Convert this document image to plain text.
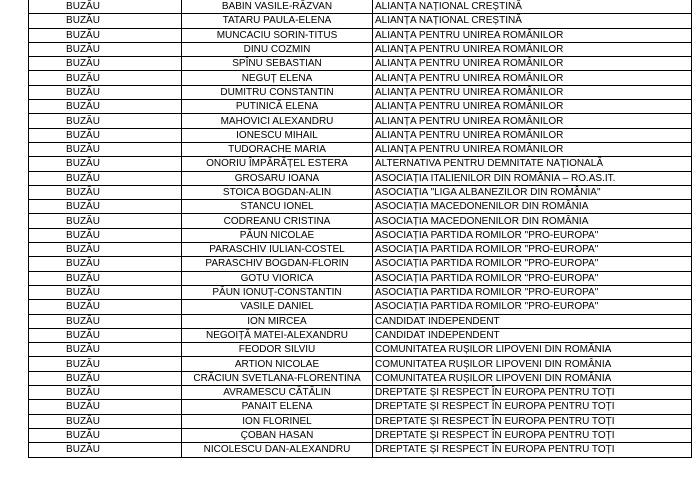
BUZĂU	BABIN VASILE-RĂZVAN	ALIANȚA NAȚIONAL CREȘTINĂ
BUZĂU	TATARU PAULA-ELENA	ALIANȚA NAȚIONAL CREȘTINĂ
BUZĂU	MUNCACIU SORIN-TITUS	ALIANȚA PENTRU UNIREA ROMÂNILOR
BUZĂU	DINU COZMIN	ALIANȚA PENTRU UNIREA ROMÂNILOR
BUZĂU	SPÎNU SEBASTIAN	ALIANȚA PENTRU UNIREA ROMÂNILOR
BUZĂU	NEGUȚ ELENA	ALIANȚA PENTRU UNIREA ROMÂNILOR
BUZĂU	DUMITRU CONSTANTIN	ALIANȚA PENTRU UNIREA ROMÂNILOR
BUZĂU	PUTINICĂ ELENA	ALIANȚA PENTRU UNIREA ROMÂNILOR
BUZĂU	MAHOVICI ALEXANDRU	ALIANȚA PENTRU UNIREA ROMÂNILOR
BUZĂU	IONESCU MIHAIL	ALIANȚA PENTRU UNIREA ROMÂNILOR
BUZĂU	TUDORACHE MARIA	ALIANȚA PENTRU UNIREA ROMÂNILOR
BUZĂU	ONORIU ÎMPĂRĂȚEL ESTERA	ALTERNATIVA PENTRU DEMNITATE NAȚIONALĂ
BUZĂU	GROSARU IOANA	ASOCIAȚIA ITALIENILOR DIN ROMÂNIA – RO.AS.IT.
BUZĂU	STOICA BOGDAN-ALIN	ASOCIAȚIA "LIGA ALBANEZILOR DIN ROMÂNIA"
BUZĂU	STANCU IONEL	ASOCIAȚIA MACEDONENILOR DIN ROMÂNIA
BUZĂU	CODREANU CRISTINA	ASOCIAȚIA MACEDONENILOR DIN ROMÂNIA
BUZĂU	PĂUN NICOLAE	ASOCIAȚIA PARTIDA ROMILOR "PRO-EUROPA"
BUZĂU	PARASCHIV IULIAN-COSTEL	ASOCIAȚIA PARTIDA ROMILOR "PRO-EUROPA"
BUZĂU	PARASCHIV BOGDAN-FLORIN	ASOCIAȚIA PARTIDA ROMILOR "PRO-EUROPA"
BUZĂU	GOTU VIORICA	ASOCIAȚIA PARTIDA ROMILOR "PRO-EUROPA"
BUZĂU	PĂUN IONUȚ-CONSTANTIN	ASOCIAȚIA PARTIDA ROMILOR "PRO-EUROPA"
BUZĂU	VASILE DANIEL	ASOCIAȚIA PARTIDA ROMILOR "PRO-EUROPA"
BUZĂU	ION MIRCEA	CANDIDAT INDEPENDENT
BUZĂU	NEGOIȚĂ MATEI-ALEXANDRU	CANDIDAT INDEPENDENT
BUZĂU	FEODOR SILVIU	COMUNITATEA RUȘILOR LIPOVENI DIN ROMÂNIA
BUZĂU	ARTION NICOLAE	COMUNITATEA RUȘILOR LIPOVENI DIN ROMÂNIA
BUZĂU	CRĂCIUN SVETLANA-FLORENTINA	COMUNITATEA RUȘILOR LIPOVENI DIN ROMÂNIA
BUZĂU	AVRAMESCU CĂTĂLIN	DREPTATE ȘI RESPECT ÎN EUROPA PENTRU TOȚI
BUZĂU	PANAIT ELENA	DREPTATE ȘI RESPECT ÎN EUROPA PENTRU TOȚI
BUZĂU	ION FLORINEL	DREPTATE ȘI RESPECT ÎN EUROPA PENTRU TOȚI
BUZĂU	ÇOBAN HASAN	DREPTATE ȘI RESPECT ÎN EUROPA PENTRU TOȚI
BUZĂU	NICOLESCU DAN-ALEXANDRU	DREPTATE ȘI RESPECT ÎN EUROPA PENTRU TOȚI
